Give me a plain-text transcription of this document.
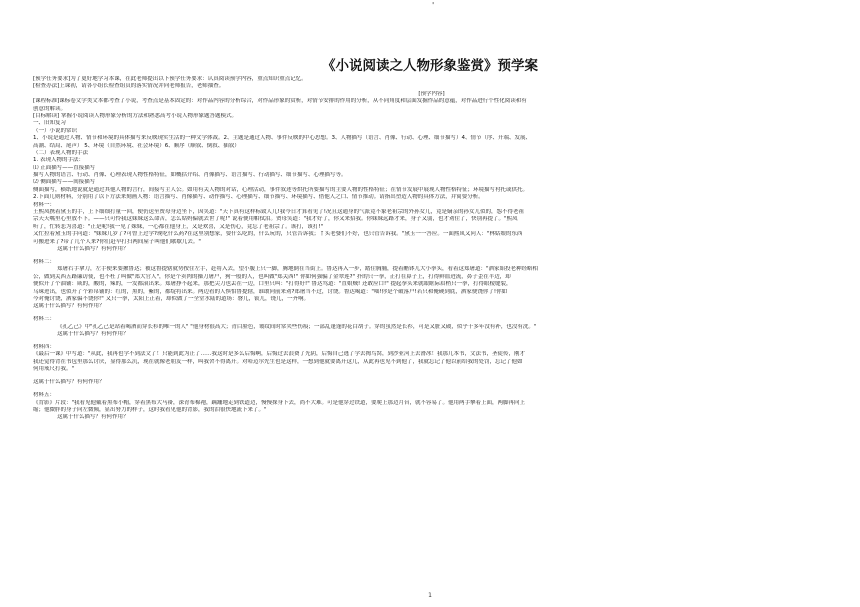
'
《小说阅读之人物形象鉴赏》预学案
[预学任务要求]为了更好地学习本课，在此老师提出以下预学任务要求：认真阅读预学内容，重点知识重点记忆。
[检查办法]上课初，请各小组长检查组员的落实情况并向老师报告，老师抽查。
[预学内容]
[课程标准]课标卷文学类文本都考查了小说，考查点是基本固定的：对作品内容的分析综合，对作品形象的赏析，对情节安排的作用的分析，从不同角度和层面发掘作品的意蕴，对作品进行个性化阅读和有
创意的解读。
[目标解读] 掌握小说阅读人物形象分析的方法和熟悉高考小说人物形象题答题模式。
一、旧知复习
（一）小说的常识
1、小说是通过人物、情节和环境的具体描写来反映现实生活的一种文学体裁。2、主题是通过人物、事件反映的中心思想。3、人物描写（语言、肖像、行动、心理、细节描写）4、情节（序、开端、发展、
高潮、结局、尾声） 5、环境（自然环境、社会环境）6、顺序（顺叙、倒叙、插叙）
（二）表现人物的手法
1. 表现人物的手法：
⑴ 正面描写——直接描写
描写人物的语言、行动、肖像、心理表现人物性格特征，如概括介绍、肖像描写、语言描写、行动描写、细节描写、心理描写等。
⑵ 侧面描写——间接描写
侧面描写，横纸地说就是通过其他人物的言行，间接写主人公。如用有关人物的对话，心理活动，事件叙述等烘托所要描写的主要人物的性格特征；在情节发展中展现人物性格特征；环境描写衬托或供托。
2.下面几则材料，分别用了以下方法来刻画人物：语言描写、肖像描写、动作描写、心理描写、细节描写、环境描写、借他人之口、情节推动。请指出塑造人物的具体方法，并简要分析。
材料一：
王熙凤携着黛玉的手，上下细细打量一回，便仍送至贾母身边坐下，因笑道："天下真有这样标致人儿!我今日才算看见了!况且这通身的气派竟不象老祖宗的外孙女儿，竟是嫡亲的孙女儿似的，怨不得老祖
宗天天嘴里心里放不下。——只可怜我这妹妹这么命苦，怎么姑妈偏就去世了呢!" 说着便用帕拭泪。贾母笑道："我才好了，你又来招我。你妹妹远路才来，身子又弱，也才劝住了，快别再提了。"熙凤
听了，忙转悲为喜道："正是呢!我一见了妹妹，一心都在他身上，又是欢喜，又是伤心，竟忘了老祖宗了。该打，该打!"
又忙拉着黛玉的手问道："妹妹几岁了?可曾上过学?现吃什么药?在这里别想家，要什么吃的，什么玩的，只管告诉我；丫头老婆们不好，也只管告诉我。"黛玉一一答应。一面熙凤又问人："林姑娘的东西
可搬进来了?带了几个人来?你们赶早打扫两间屋子叫他们歇歇儿去。"
这属于什么描写？有何作用？
材料二：
郑屠右手拿刀，左手便来要揪鲁达；被这鲁提辖就势按住左手，赶将入去，望小腹上只一脚，腾地倒在当街上。鲁达再入一步，踏住胸脯，提着醋钵儿大小拳头，看着这郑屠道："洒家始投老种经略相
公，做到关西五路廉访使，也不枉了叫做"郑大官人"，你是个卖肉的操刀屠户，狗一般的人，也叫做"郑关西!" 你如何强骗了金翠莲?" 扑的只一拳，正打在鼻子上，打得鲜血迸流，鼻子歪在半边，却
便似开了个油铺：咸的，酸的，辣的，一发都滚出来。郑屠挣不起来，那把尖刀也丢在一边，口里只叫："打得好!" 鲁达骂道："直娘贼! 还敢应口!" 提起拳头来就眼眶际眉梢只一拳，打得眼棱缝裂，
乌珠迸出，也似开了个彩帛铺的：红的，黑的，紫的，都绽将出来。两边看的人惧怕鲁提辖，谁敢向前来劝?郑屠当不过，讨饶。鲁达喝道："咄!你是个破落户!若只和俺硬到底，洒家便饶你了!你如
今对俺讨饶，洒家偏不饶你!" 又只一拳，太阳上正着，却似做了一全堂水陆的道场：磬儿，钹儿，铙儿，一齐响。
这属于什么描写？有何作用？
材料三：
《孔乙己》中"孔乙己是站着喝酒而穿长衫的唯一的人" "他身材很高大；青白脸色，皱纹间时常夹些伤痕；一部乱蓬蓬的花白胡子。穿的虽然是长衫，可是又脏又破，似乎十多年没有补，也没有洗。"
这属于什么描写？有何作用？
材料四：
《最后一课》中写道："从此，我再也学不到法文了！只能到此为止了……我这时是多么后悔啊，后悔过去浪费了光阴，后悔自己逃了学去掏鸟窝，到沙亚河上去滑冰！我那几本书，文法书，圣徒传，刚才
我还觉得背在书包里那么讨厌，显得那么沉，现在就像老朋友一样，叫我舍不得离开。对哈迈尔先生也是这样，一想到他就要离开这儿，从此再也见不到他了，我就忘记了他以前给我的处罚，忘记了他如
何用戒尺打我。"
这属于什么描写？有何作用？
材料五：
《背影》片段："我看见他戴着黑布小帽，穿着黑布大马褂，深青布棉袍，蹒跚地走到铁道边，慢慢探身下去，尚不大难。可是他穿过铁道，要爬上那边月台，就不容易了。他用两手攀着上面，两脚再向上
缩；他微胖的身子向左微倾，显出努力的样子，这时我看见他的背影，我的泪很快地流下来了。"
这属于什么描写？有何作用？
1
